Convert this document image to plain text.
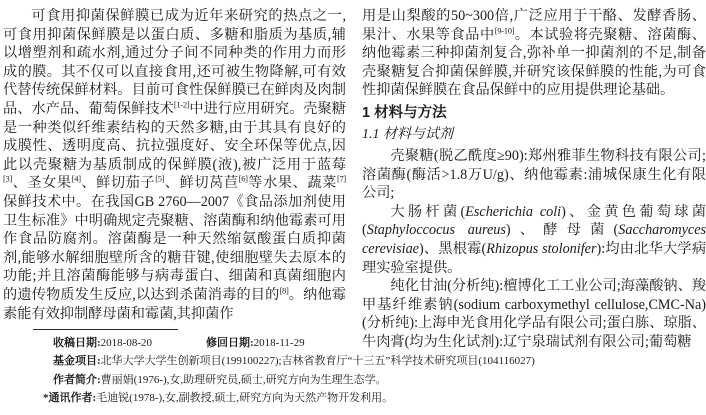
可食用抑菌保鲜膜已成为近年来研究的热点之一,可食用抑菌保鲜膜是以蛋白质、多糖和脂质为基质,辅以增塑剂和疏水剂,通过分子间不同种类的作用力而形成的膜。其不仅可以直接食用,还可被生物降解,可有效代替传统保鲜材料。目前可食性保鲜膜已在鲜肉及肉制品、水产品、葡萄保鲜技术[1-2]中进行应用研究。壳聚糖是一种类似纤维素结构的天然多糖,由于其具有良好的成膜性、透明度高、抗拉强度好、安全环保等优点,因此以壳聚糖为基质制成的保鲜膜(液),被广泛用于蓝莓[3]、圣女果[4]、鲜切茄子[5]、鲜切莴苣[6]等水果、蔬菜[7]保鲜技术中。在我国GB 2760—2007《食品添加剂使用卫生标准》中明确规定壳聚糖、溶菌酶和纳他霉素可用作食品防腐剂。溶菌酶是一种天然缩氨酸蛋白质抑菌剂,能够水解细胞壁所含的糖苷键,使细胞壁失去原本的功能;并且溶菌酶能够与病毒蛋白、细菌和真菌细胞内的遗传物质发生反应,以达到杀菌消毒的目的[8]。纳他霉素能有效抑制酵母菌和霉菌,其抑菌作

用是山梨酸的50~300倍,广泛应用于干酪、发酵香肠、果汁、水果等食品中[9-10]。本试验将壳聚糖、溶菌酶、纳他霉素三种抑菌剂复合,弥补单一抑菌剂的不足,制备壳聚糖复合抑菌保鲜膜,并研究该保鲜膜的性能,为可食性抑菌保鲜膜在食品保鲜中的应用提供理论基础。

1 材料与方法
1.1 材料与试剂

壳聚糖(脱乙酰度≥90):郑州雅菲生物科技有限公司;溶菌酶(酶活>1.8万U/g)、纳他霉素:浦城保康生化有限公司;

大肠杆菌(Escherichia coli)、金黄色葡萄球菌(Staphyloccocus aureus)、酵母菌(Saccharomyces cerevisiae)、黑根霉(Rhizopus stolonifer):均由北华大学病理实验室提供。

纯化甘油(分析纯):檀博化工工业公司;海藻酸钠、羧甲基纤维素钠(sodium carboxymethyl cellulose,CMC-Na)(分析纯):上海申光食用化学品有限公司;蛋白胨、琼脂、牛肉膏(均为生化试剂):辽宁泉瑞试剂有限公司;葡萄糖

收稿日期:2018-08-20	修回日期:2018-11-29
基金项目:北华大学大学生创新项目(199100227);吉林省教育厅“十三五”科学技术研究项目(104116027)
作者简介:曹丽娟(1976-),女,助理研究员,硕士,研究方向为生理生态学。
*通讯作者:毛迪锐(1978-),女,副教授,硕士,研究方向为天然产物开发利用。
